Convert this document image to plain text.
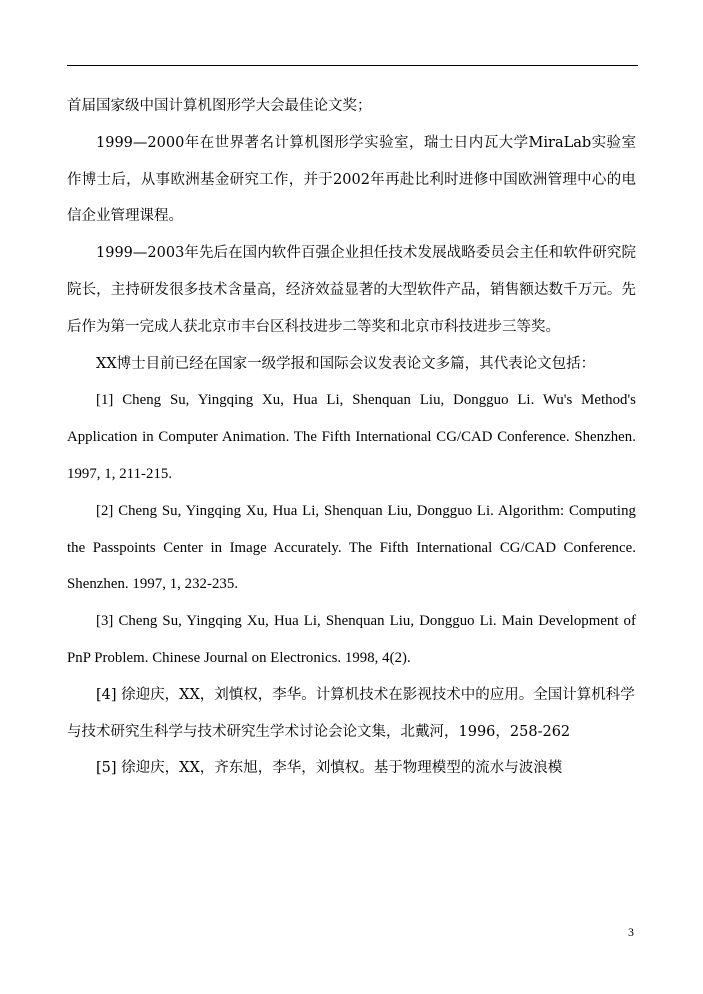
首届国家级中国计算机图形学大会最佳论文奖；

1999—2000年在世界著名计算机图形学实验室，瑞士日内瓦大学MiraLab实验室作博士后，从事欧洲基金研究工作，并于2002年再赴比利时进修中国欧洲管理中心的电信企业管理课程。

1999—2003年先后在国内软件百强企业担任技术发展战略委员会主任和软件研究院院长，主持研发很多技术含量高，经济效益显著的大型软件产品，销售额达数千万元。先后作为第一完成人获北京市丰台区科技进步二等奖和北京市科技进步三等奖。

XX博士目前已经在国家一级学报和国际会议发表论文多篇，其代表论文包括：

[1] Cheng Su, Yingqing Xu, Hua Li, Shenquan Liu, Dongguo Li. Wu's Method's Application in Computer Animation. The Fifth International CG/CAD Conference. Shenzhen. 1997, 1, 211-215.

[2] Cheng Su, Yingqing Xu, Hua Li, Shenquan Liu, Dongguo Li. Algorithm: Computing the Passpoints Center in Image Accurately. The Fifth International CG/CAD Conference. Shenzhen. 1997, 1, 232-235.

[3] Cheng Su, Yingqing Xu, Hua Li, Shenquan Liu, Dongguo Li. Main Development of PnP Problem. Chinese Journal on Electronics. 1998, 4(2).

[4] 徐迎庆，XX，刘慎权，李华。计算机技术在影视技术中的应用。全国计算机科学与技术研究生科学与技术研究生学术讨论会论文集，北戴河，1996，258-262

[5] 徐迎庆，XX，齐东旭，李华，刘慎权。基于物理模型的流水与波浪模

3
